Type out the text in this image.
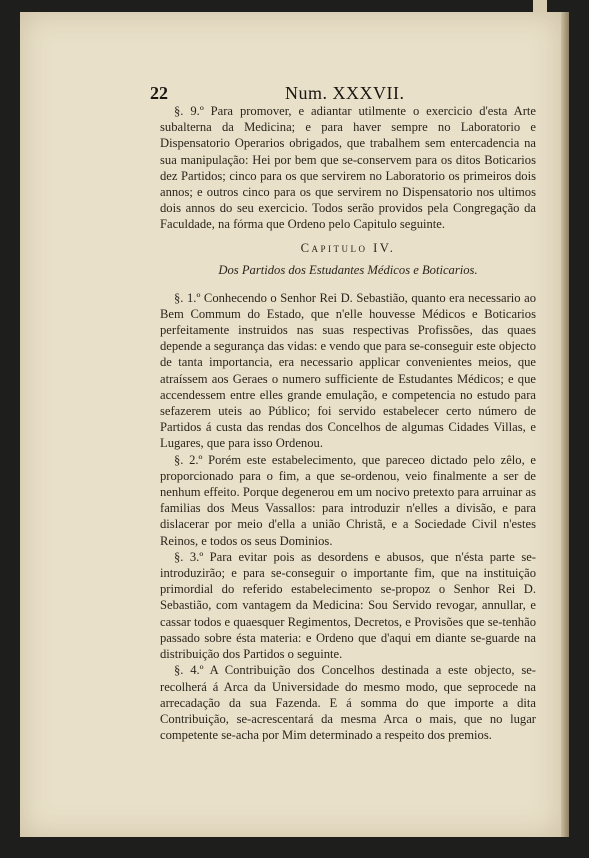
22	Num. XXXVII.

§. 9.º Para promover, e adiantar utilmente o exercicio d'esta Arte subalterna da Medicina; e para haver sempre no Laboratorio e Dispensatorio Operarios obrigados, que trabalhem sem entercadencia na sua manipulação: Hei por bem que se-conservem para os ditos Boticarios dez Partidos; cinco para os que servirem no Laboratorio os primeiros dois annos; e outros cinco para os que servirem no Dispensatorio nos ultimos dois annos do seu exercicio. Todos serão providos pela Congregação da Faculdade, na fórma que Ordeno pelo Capitulo seguinte.

Capitulo IV.
Dos Partidos dos Estudantes Médicos e Boticarios.

§. 1.º Conhecendo o Senhor Rei D. Sebastião, quanto era necessario ao Bem Commum do Estado, que n'elle houvesse Médicos e Boticarios perfeitamente instruidos nas suas respectivas Profissões, das quaes depende a segurança das vidas: e vendo que para se-conseguir este objecto de tanta importancia, era necessario applicar convenientes meios, que atraíssem aos Geraes o numero sufficiente de Estudantes Médicos; e que accendessem entre elles grande emulação, e competencia no estudo para sefazerem uteis ao Público; foi servido estabelecer certo número de Partidos á custa das rendas dos Concelhos de algumas Cidades Villas, e Lugares, que para isso Ordenou.

§. 2.º Porém este estabelecimento, que pareceo dictado pelo zêlo, e proporcionado para o fim, a que se-ordenou, veio finalmente a ser de nenhum effeito. Porque degenerou em um nocivo pretexto para arruinar as familias dos Meus Vassallos: para introduzir n'elles a divisão, e para dislacerar por meio d'ella a união Christã, e a Sociedade Civil n'estes Reinos, e todos os seus Dominios.

§. 3.º Para evitar pois as desordens e abusos, que n'ésta parte se-introduzirão; e para se-conseguir o importante fim, que na instituição primordial do referido estabelecimento se-propoz o Senhor Rei D. Sebastião, com vantagem da Medicina: Sou Servido revogar, annullar, e cassar todos e quaesquer Regimentos, Decretos, e Provisões que se-tenhão passado sobre ésta materia: e Ordeno que d'aqui em diante se-guarde na distribuição dos Partidos o seguinte.

§. 4.º A Contribuição dos Concelhos destinada a este objecto, se-recolherá á Arca da Universidade do mesmo modo, que seprocede na arrecadação da sua Fazenda. E á somma do que importe a dita Contribuição, se-acrescentará da mesma Arca o mais, que no lugar competente se-acha por Mim determinado a respeito dos premios.
